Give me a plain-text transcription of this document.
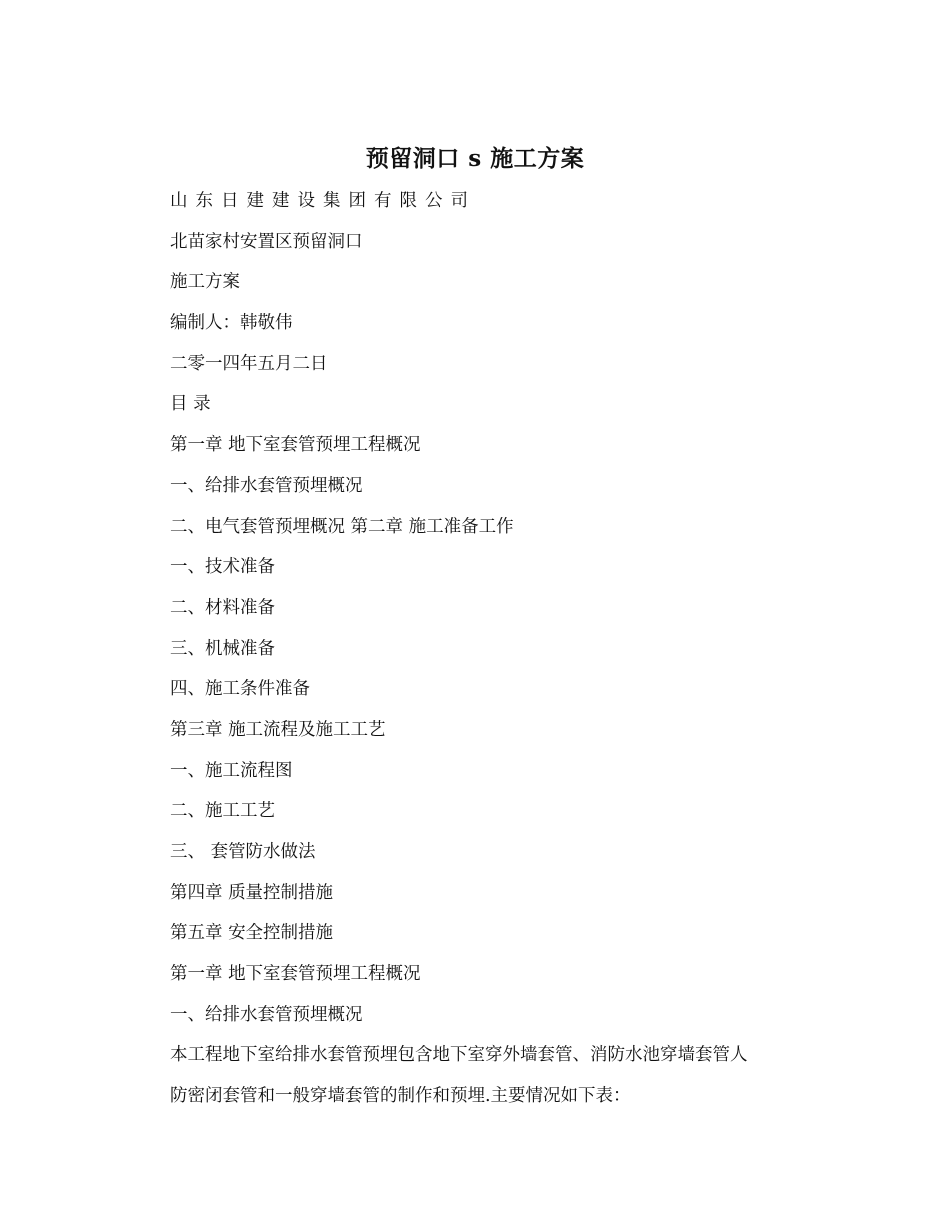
预留洞口 s 施工方案
山东日建建设集团有限公司
北苗家村安置区预留洞口
施工方案
编制人：韩敬伟
二零一四年五月二日
目 录
第一章 地下室套管预埋工程概况
一、给排水套管预埋概况
二、电气套管预埋概况 第二章 施工准备工作
一、技术准备
二、材料准备
三、机械准备
四、施工条件准备
第三章 施工流程及施工工艺
一、施工流程图
二、施工工艺
三、 套管防水做法
第四章 质量控制措施
第五章 安全控制措施
第一章 地下室套管预埋工程概况
一、给排水套管预埋概况
本工程地下室给排水套管预埋包含地下室穿外墙套管、消防水池穿墙套管人
防密闭套管和一般穿墙套管的制作和预埋.主要情况如下表：
